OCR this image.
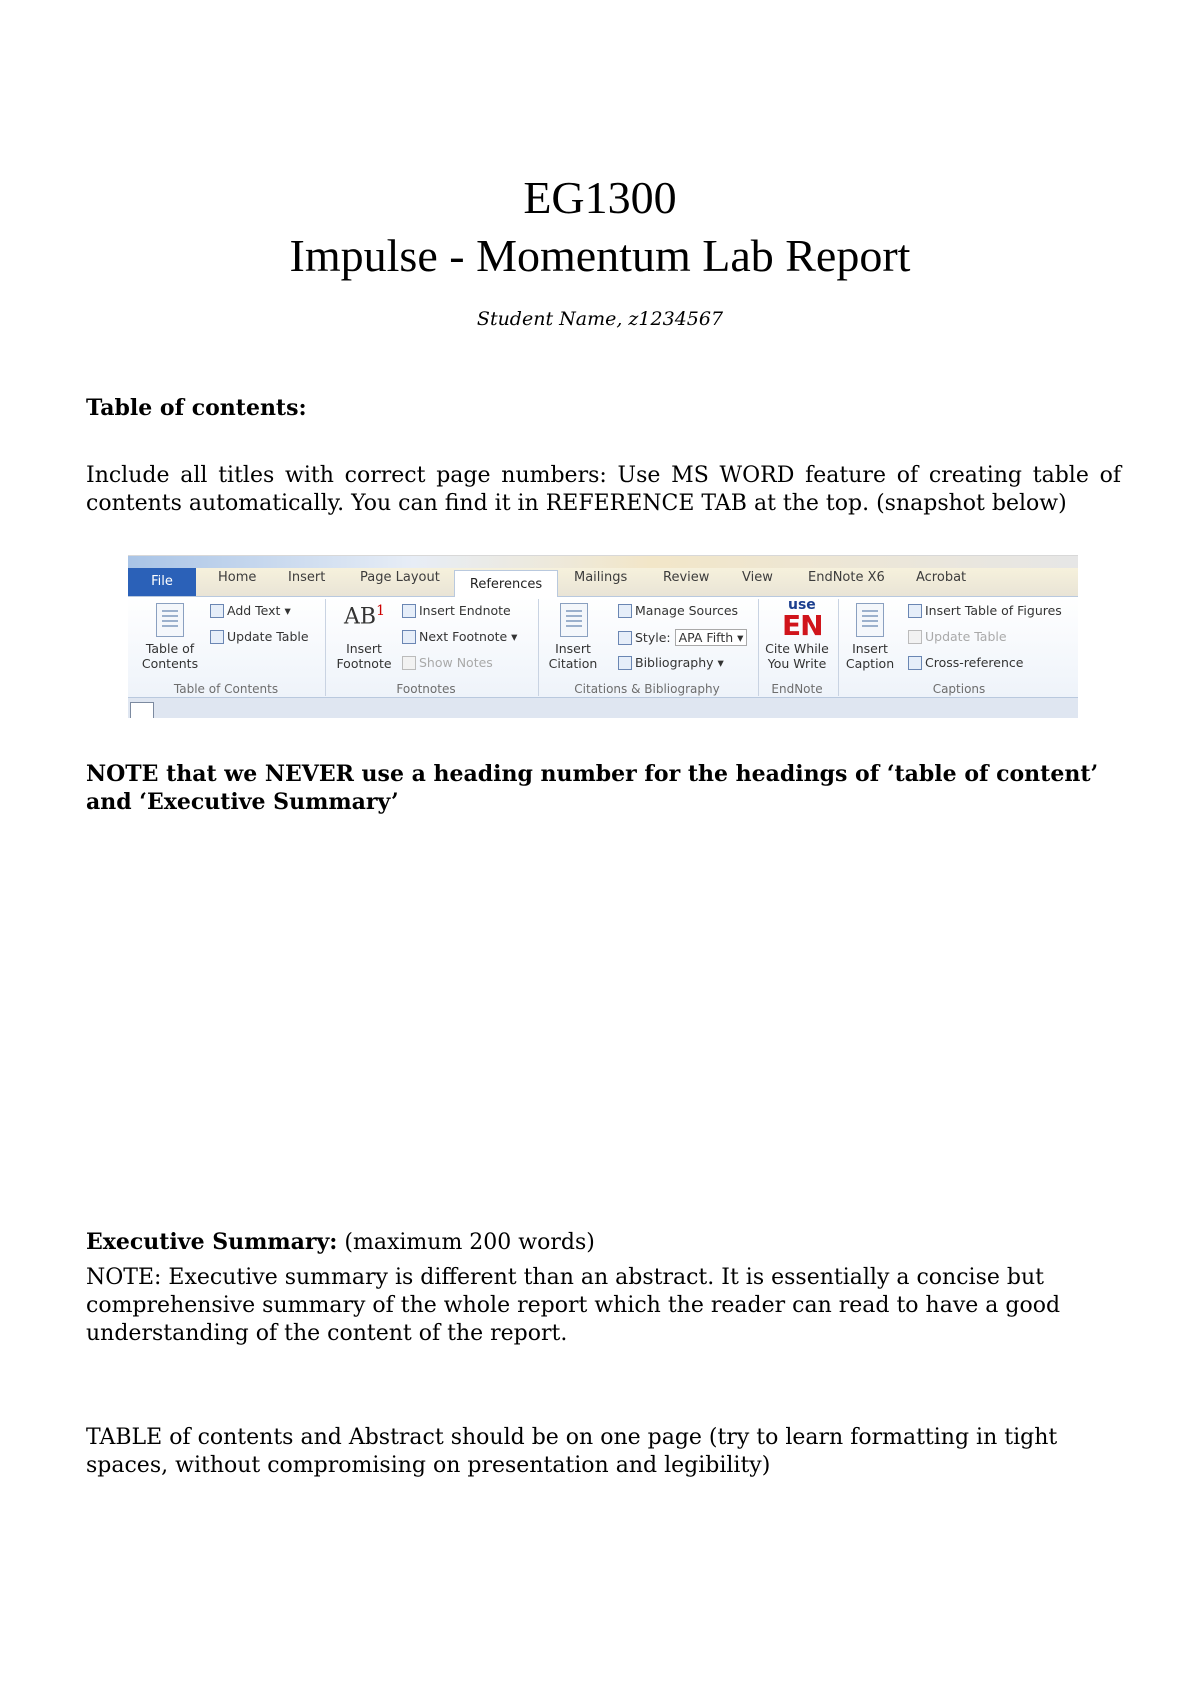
EG1300
Impulse - Momentum Lab Report
Student Name, z1234567
Table of contents:
Include all titles with correct page numbers: Use MS WORD feature of creating table of contents automatically. You can find it in REFERENCE TAB at the top. (snapshot below)
File	Home Insert	Page Layout	References	Mailings	Review	View	EndNote X6 Acrobat
Table of Contents
Add Text ▾
Update Table
Table of Contents
$AB^1$
Insert Footnote
Insert Endnote
Next Footnote ▾
Show Notes
Footnotes
Insert Citation
Manage Sources
Style: APA Fifth ▾
Bibliography ▾
Citations & Bibliography
use
EN
Cite While You Write
EndNote
Insert Caption
Insert Table of Figures
Update Table
Cross-reference
Captions
NOTE that we NEVER use a heading number for the headings of ‘table of content’ and ‘Executive Summary’
Executive Summary: (maximum 200 words)
NOTE: Executive summary is different than an abstract. It is essentially a concise but comprehensive summary of the whole report which the reader can read to have a good understanding of the content of the report.
TABLE of contents and Abstract should be on one page (try to learn formatting in tight spaces, without compromising on presentation and legibility)
